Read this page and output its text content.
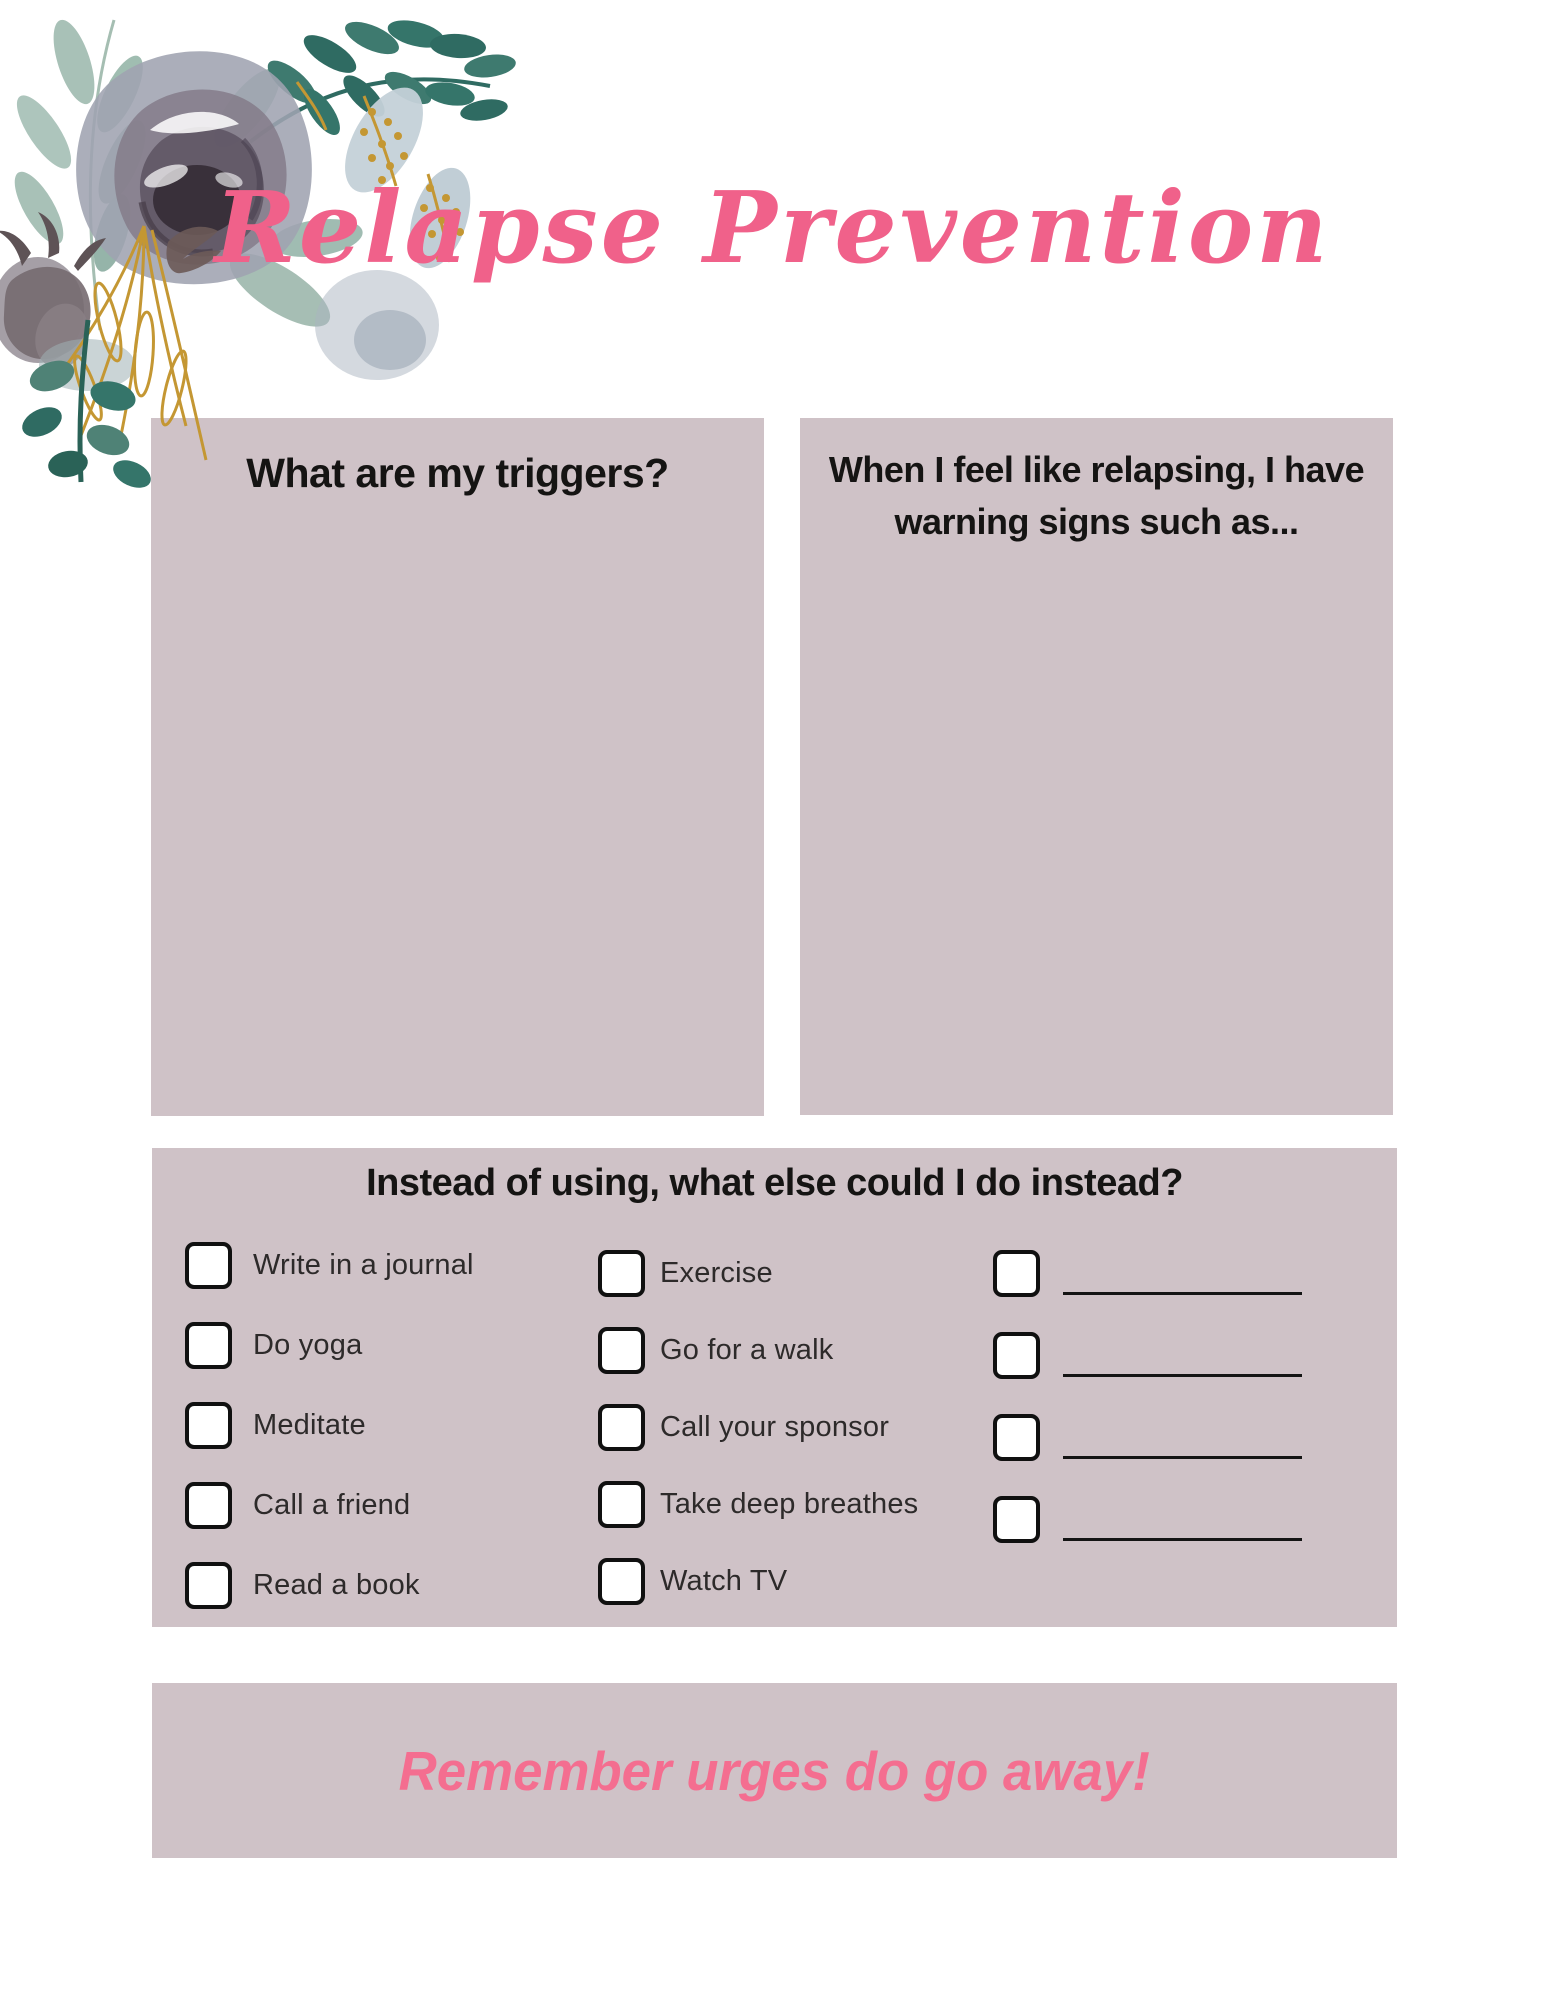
Relapse Prevention
What are my triggers?	When I feel like relapsing, I have warning signs such as...
Instead of using, what else could I do instead?
Write in a journal
Do yoga
Meditate
Call a friend
Read a book
Exercise
Go for a walk
Call your sponsor
Take deep breathes
Watch TV
Remember urges do go away!
